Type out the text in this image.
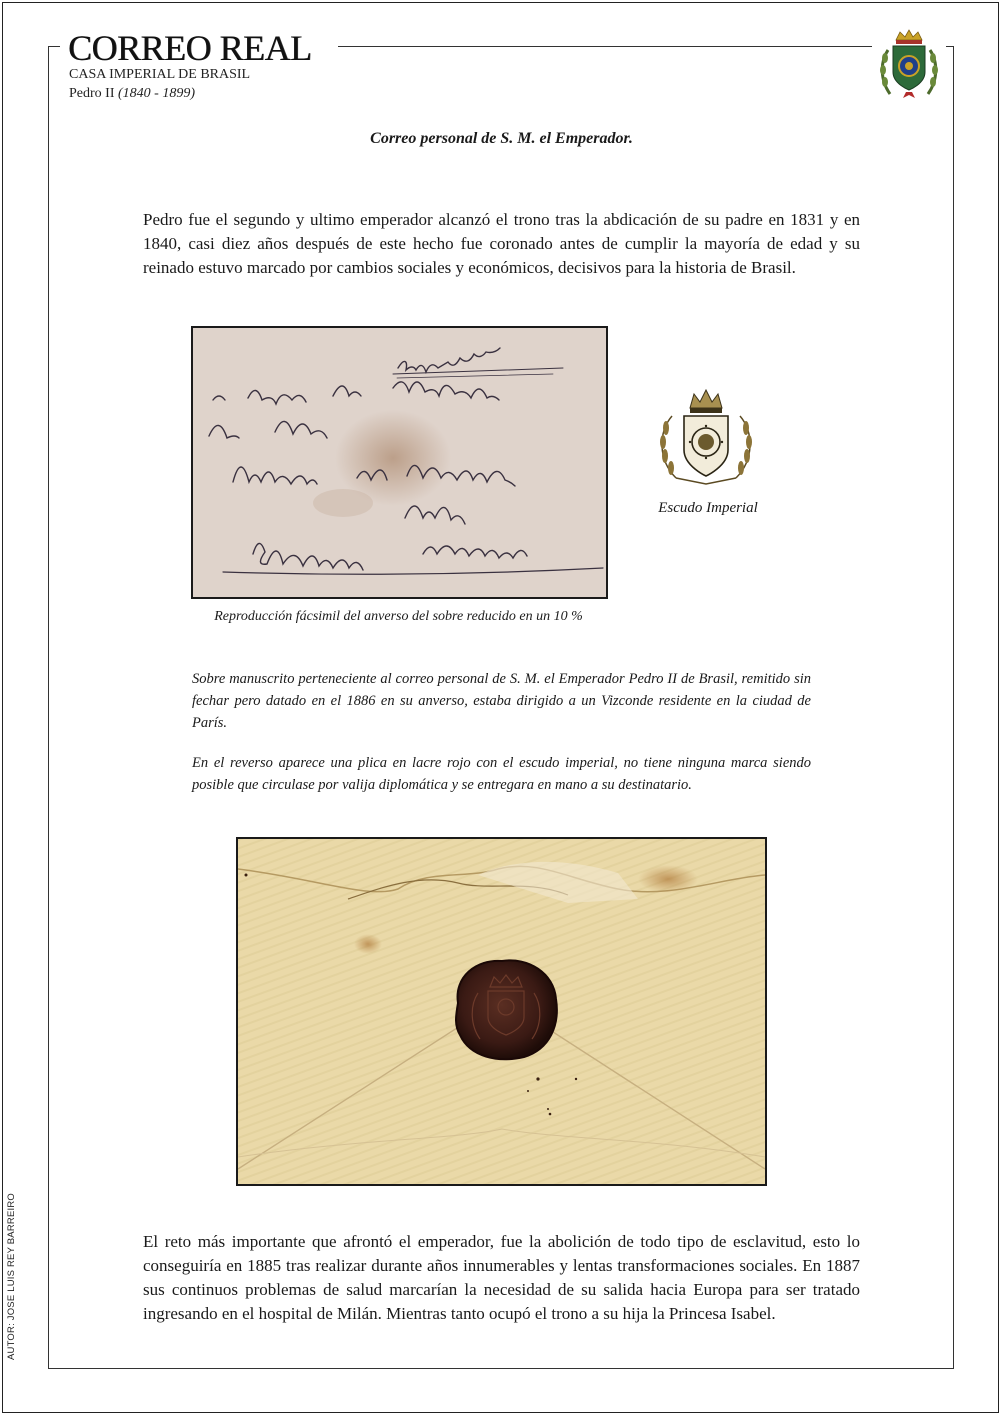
CORREO REAL
CASA IMPERIAL DE BRASIL
Pedro II (1840 - 1899)
Correo personal de S. M. el Emperador.
Pedro fue el segundo y ultimo emperador alcanzó el trono tras la abdicación de su padre en 1831 y en 1840, casi diez años después de este hecho fue coronado antes de cumplir la mayoría de edad y su reinado estuvo marcado por cambios sociales y económicos, decisivos para la historia de Brasil.
Reproducción fácsimil del anverso del sobre reducido en un 10 %
Escudo Imperial
Sobre manuscrito perteneciente al correo personal de S. M. el Emperador Pedro II de Brasil, remitido sin fechar pero datado en el 1886 en su anverso, estaba dirigido a un Vizconde residente en la ciudad de París.
En el reverso aparece una plica en lacre rojo con el escudo imperial, no tiene ninguna marca siendo posible que circulase por valija diplomática y se entregara en mano a su destinatario.
El reto más importante que afrontó el emperador, fue la abolición de todo tipo de esclavitud, esto lo conseguiría en 1885 tras realizar durante años innumerables y lentas transformaciones sociales. En 1887 sus continuos problemas de salud marcarían la necesidad de su salida hacia Europa para ser tratado ingresando en el hospital de Milán. Mientras tanto ocupó el trono a su hija la Princesa Isabel.
AUTOR: JOSE LUIS REY BARREIRO
